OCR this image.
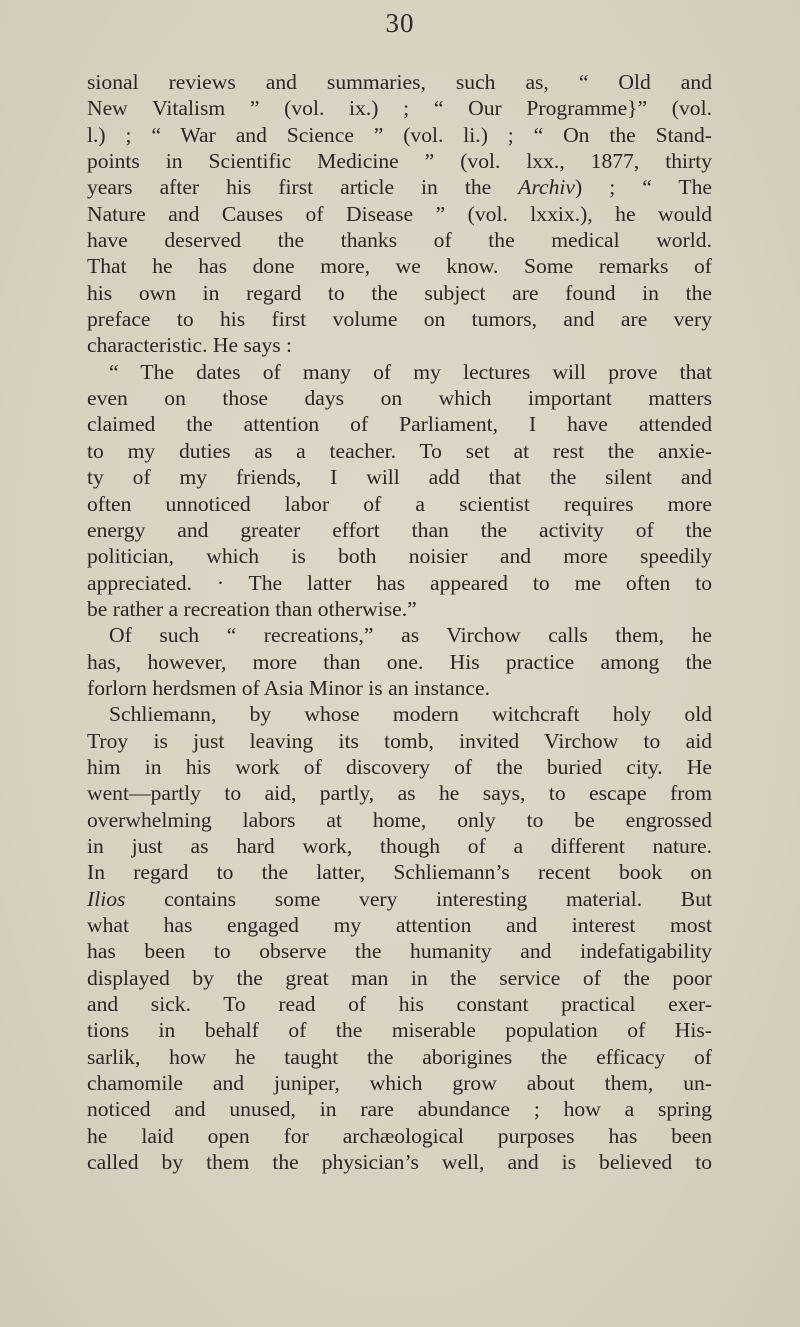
30
sional reviews and summaries, such as, “ Old and
New Vitalism ” (vol. ix.) ; “ Our Programme}” (vol.
l.) ; “ War and Science ” (vol. li.) ; “ On the Stand-
points in Scientific Medicine ” (vol. lxx., 1877, thirty
years after his first article in the Archiv) ; “ The
Nature and Causes of Disease ” (vol. lxxix.), he would
have deserved the thanks of the medical world.
That he has done more, we know. Some remarks of
his own in regard to the subject are found in the
preface to his first volume on tumors, and are very
characteristic. He says :
“ The dates of many of my lectures will prove that
even on those days on which important matters
claimed the attention of Parliament, I have attended
to my duties as a teacher. To set at rest the anxie-
ty of my friends, I will add that the silent and
often unnoticed labor of a scientist requires more
energy and greater effort than the activity of the
politician, which is both noisier and more speedily
appreciated. · The latter has appeared to me often to
be rather a recreation than otherwise.”
Of such “ recreations,” as Virchow calls them, he
has, however, more than one. His practice among the
forlorn herdsmen of Asia Minor is an instance.
Schliemann, by whose modern witchcraft holy old
Troy is just leaving its tomb, invited Virchow to aid
him in his work of discovery of the buried city. He
went—partly to aid, partly, as he says, to escape from
overwhelming labors at home, only to be engrossed
in just as hard work, though of a different nature.
In regard to the latter, Schliemann’s recent book on
Ilios contains some very interesting material. But
what has engaged my attention and interest most
has been to observe the humanity and indefatigability
displayed by the great man in the service of the poor
and sick. To read of his constant practical exer-
tions in behalf of the miserable population of His-
sarlik, how he taught the aborigines the efficacy of
chamomile and juniper, which grow about them, un-
noticed and unused, in rare abundance ; how a spring
he laid open for archæological purposes has been
called by them the physician’s well, and is believed to
